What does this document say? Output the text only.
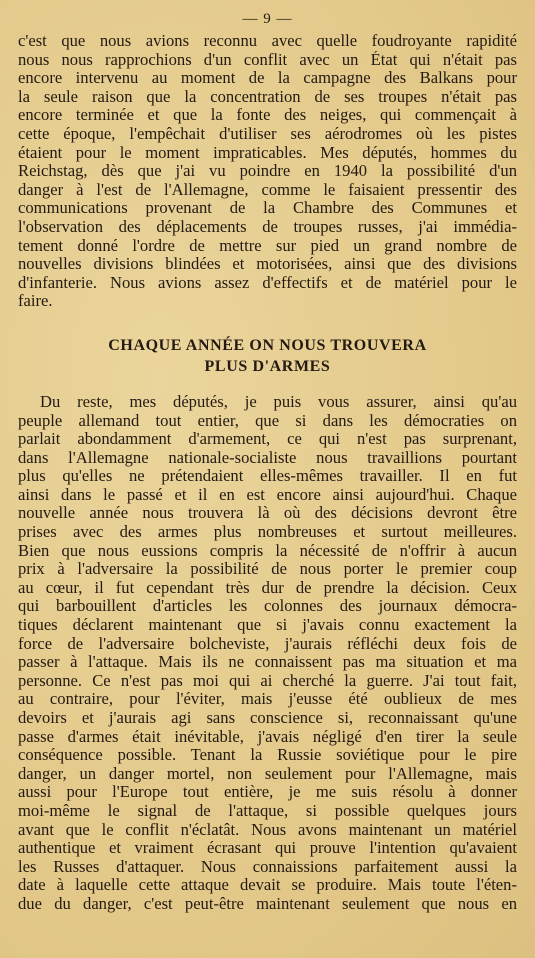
— 9 —
c'est que nous avions reconnu avec quelle foudroyante rapidité
nous nous rapprochions d'un conflit avec un État qui n'était pas
encore intervenu au moment de la campagne des Balkans pour
la seule raison que la concentration de ses troupes n'était pas
encore terminée et que la fonte des neiges, qui commençait à
cette époque, l'empêchait d'utiliser ses aérodromes où les pistes
étaient pour le moment impraticables. Mes députés, hommes du
Reichstag, dès que j'ai vu poindre en 1940 la possibilité d'un
danger à l'est de l'Allemagne, comme le faisaient pressentir des
communications provenant de la Chambre des Communes et
l'observation des déplacements de troupes russes, j'ai immédia-
tement donné l'ordre de mettre sur pied un grand nombre de
nouvelles divisions blindées et motorisées, ainsi que des divisions
d'infanterie. Nous avions assez d'effectifs et de matériel pour le
faire.
CHAQUE ANNÉE ON NOUS TROUVERA
PLUS D'ARMES
Du reste, mes députés, je puis vous assurer, ainsi qu'au
peuple allemand tout entier, que si dans les démocraties on
parlait abondamment d'armement, ce qui n'est pas surprenant,
dans l'Allemagne nationale-socialiste nous travaillions pourtant
plus qu'elles ne prétendaient elles-mêmes travailler. Il en fut
ainsi dans le passé et il en est encore ainsi aujourd'hui. Chaque
nouvelle année nous trouvera là où des décisions devront être
prises avec des armes plus nombreuses et surtout meilleures.
Bien que nous eussions compris la nécessité de n'offrir à aucun
prix à l'adversaire la possibilité de nous porter le premier coup
au cœur, il fut cependant très dur de prendre la décision. Ceux
qui barbouillent d'articles les colonnes des journaux démocra-
tiques déclarent maintenant que si j'avais connu exactement la
force de l'adversaire bolcheviste, j'aurais réfléchi deux fois de
passer à l'attaque. Mais ils ne connaissent pas ma situation et ma
personne. Ce n'est pas moi qui ai cherché la guerre. J'ai tout fait,
au contraire, pour l'éviter, mais j'eusse été oublieux de mes
devoirs et j'aurais agi sans conscience si, reconnaissant qu'une
passe d'armes était inévitable, j'avais négligé d'en tirer la seule
conséquence possible. Tenant la Russie soviétique pour le pire
danger, un danger mortel, non seulement pour l'Allemagne, mais
aussi pour l'Europe tout entière, je me suis résolu à donner
moi-même le signal de l'attaque, si possible quelques jours
avant que le conflit n'éclatât. Nous avons maintenant un matériel
authentique et vraiment écrasant qui prouve l'intention qu'avaient
les Russes d'attaquer. Nous connaissions parfaitement aussi la
date à laquelle cette attaque devait se produire. Mais toute l'éten-
due du danger, c'est peut-être maintenant seulement que nous en
